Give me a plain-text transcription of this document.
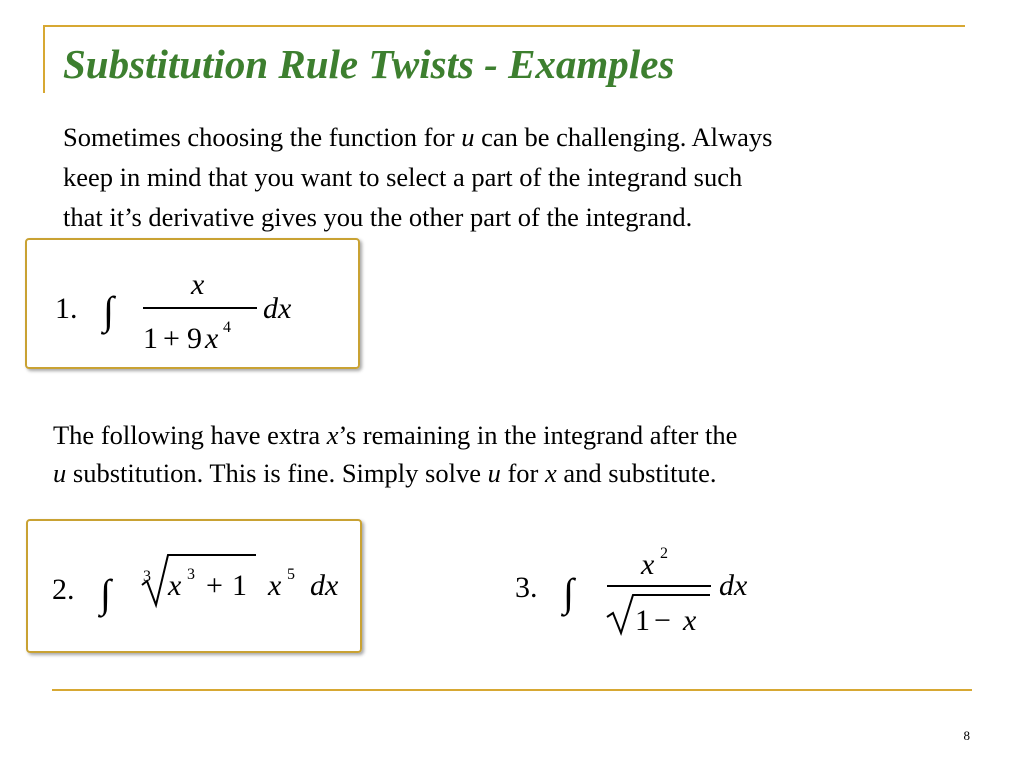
Substitution Rule Twists - Examples

Sometimes choosing the function for u can be challenging. Always

keep in mind that you want to select a part of the integrand such

that it’s derivative gives you the other part of the integrand.

1. ∫
x
1 + 9 x 4
dx

The following have extra x’s remaining in the integrand after the

u substitution. This is fine. Simply solve u for x and substitute.

2. ∫ 3 x 3 + 1 x 5 dx	3. ∫
x 2
1 − x
dx
8
